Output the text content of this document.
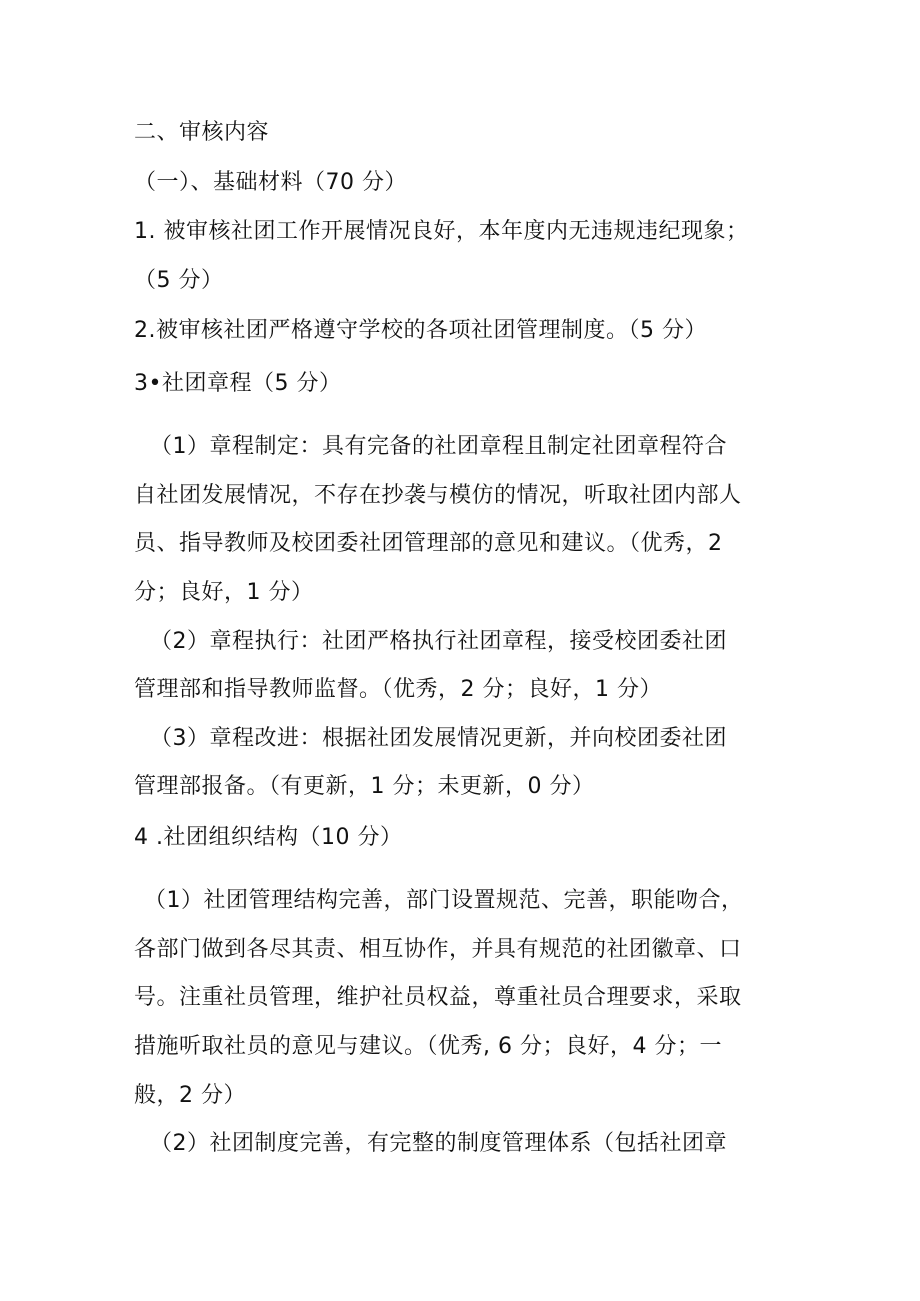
二、审核内容

（一）、基础材料（70 分）

1. 被审核社团工作开展情况良好，本年度内无违规违纪现象；

（5 分）

2.被审核社团严格遵守学校的各项社团管理制度。（5 分）

3•社团章程（5 分）

（1）章程制定：具有完备的社团章程且制定社团章程符合

自社团发展情况，不存在抄袭与模仿的情况，听取社团内部人

员、指导教师及校团委社团管理部的意见和建议。（优秀，2

分；良好，1 分）

（2）章程执行：社团严格执行社团章程，接受校团委社团

管理部和指导教师监督。（优秀，2 分；良好，1 分）

（3）章程改进：根据社团发展情况更新，并向校团委社团

管理部报备。（有更新，1 分；未更新，0 分）

4 .社团组织结构（10 分）

（1）社团管理结构完善，部门设置规范、完善，职能吻合，

各部门做到各尽其责、相互协作，并具有规范的社团徽章、口

号。注重社员管理，维护社员权益，尊重社员合理要求，采取

措施听取社员的意见与建议。（优秀, 6 分；良好，4 分；一

般，2 分）

（2）社团制度完善，有完整的制度管理体系（包括社团章
